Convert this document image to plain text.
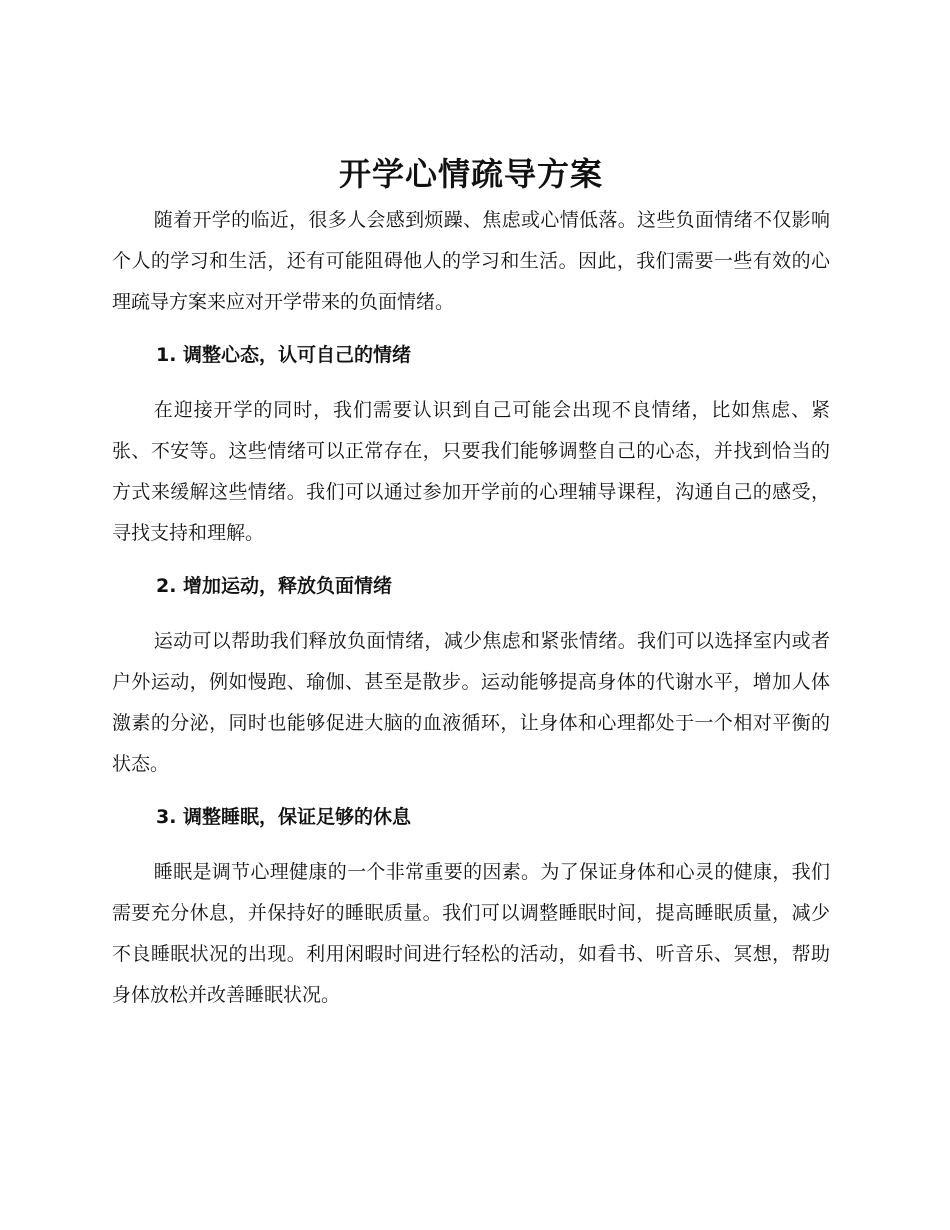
开学心情疏导方案

随着开学的临近，很多人会感到烦躁、焦虑或心情低落。这些负面情绪不仅影响个人的学习和生活，还有可能阻碍他人的学习和生活。因此，我们需要一些有效的心理疏导方案来应对开学带来的负面情绪。

1. 调整心态，认可自己的情绪

在迎接开学的同时，我们需要认识到自己可能会出现不良情绪，比如焦虑、紧张、不安等。这些情绪可以正常存在，只要我们能够调整自己的心态，并找到恰当的方式来缓解这些情绪。我们可以通过参加开学前的心理辅导课程，沟通自己的感受，寻找支持和理解。

2. 增加运动，释放负面情绪

运动可以帮助我们释放负面情绪，减少焦虑和紧张情绪。我们可以选择室内或者户外运动，例如慢跑、瑜伽、甚至是散步。运动能够提高身体的代谢水平，增加人体激素的分泌，同时也能够促进大脑的血液循环，让身体和心理都处于一个相对平衡的状态。

3. 调整睡眠，保证足够的休息

睡眠是调节心理健康的一个非常重要的因素。为了保证身体和心灵的健康，我们需要充分休息，并保持好的睡眠质量。我们可以调整睡眠时间，提高睡眠质量，减少不良睡眠状况的出现。利用闲暇时间进行轻松的活动，如看书、听音乐、冥想，帮助身体放松并改善睡眠状况。
